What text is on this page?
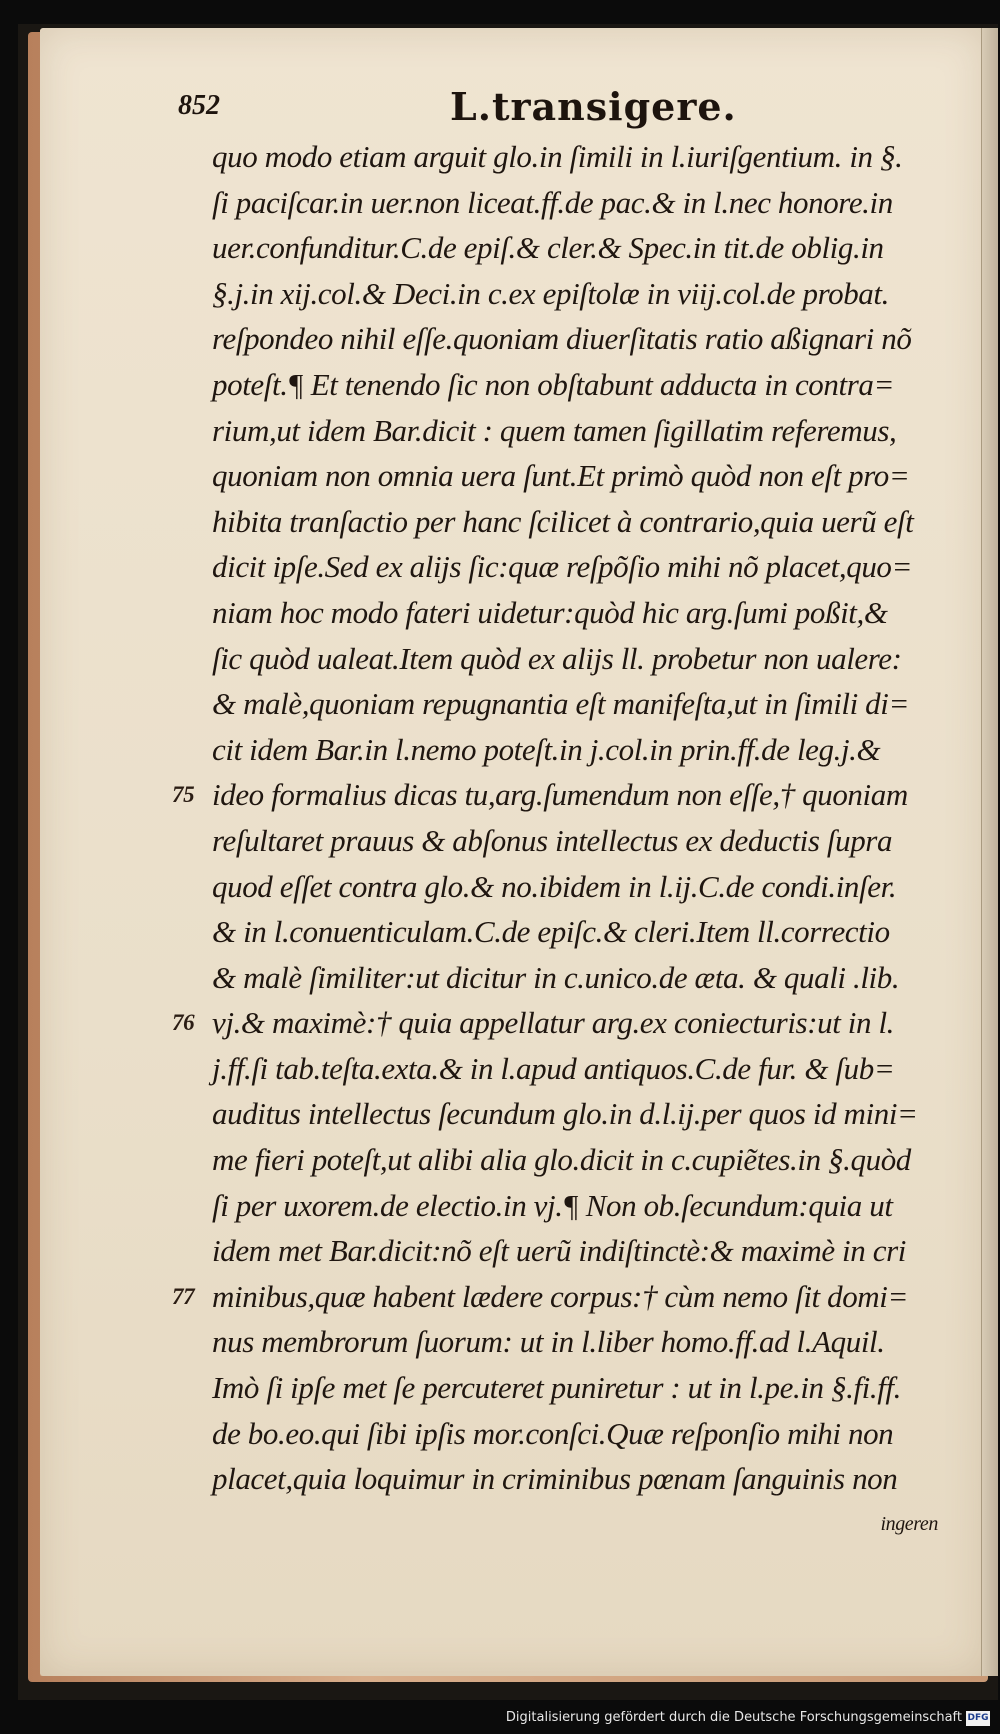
852	L.transigere.
quo modo etiam arguit glo.in ſimili in l.iuriſgentium. in §.
ſi paciſcar.in uer.non liceat.ff.de pac.& in l.nec honore.in
uer.confunditur.C.de epiſ.& cler.& Spec.in tit.de oblig.in
§.j.in xij.col.& Deci.in c.ex epiſtolæ in viij.col.de probat.
reſpondeo nihil eſſe.quoniam diuerſitatis ratio aßignari nõ
poteſt.¶ Et tenendo ſic non obſtabunt adducta in contra=
rium,ut idem Bar.dicit : quem tamen ſigillatim referemus,
quoniam non omnia uera ſunt.Et primò quòd non eſt pro=
hibita tranſactio per hanc ſcilicet à contrario,quia uerũ eſt
dicit ipſe.Sed ex alijs ſic:quæ reſpõſio mihi nõ placet,quo=
niam hoc modo fateri uidetur:quòd hic arg.ſumi poßit,&
ſic quòd ualeat.Item quòd ex alijs ll. probetur non ualere:
& malè,quoniam repugnantia eſt manifeſta,ut in ſimili di=
cit idem Bar.in l.nemo poteſt.in j.col.in prin.ff.de leg.j.&
75 ideo formalius dicas tu,arg.ſumendum non eſſe,† quoniam
reſultaret prauus & abſonus intellectus ex deductis ſupra
quod eſſet contra glo.& no.ibidem in l.ij.C.de condi.inſer.
& in l.conuenticulam.C.de epiſc.& cleri.Item ll.correctio
& malè ſimiliter:ut dicitur in c.unico.de æta. & quali .lib.
76 vj.& maximè:† quia appellatur arg.ex coniecturis:ut in l.
j.ff.ſi tab.teſta.exta.& in l.apud antiquos.C.de fur. & ſub=
auditus intellectus ſecundum glo.in d.l.ij.per quos id mini=
me fieri poteſt,ut alibi alia glo.dicit in c.cupiẽtes.in §.quòd
ſi per uxorem.de electio.in vj.¶ Non ob.ſecundum:quia ut
idem met Bar.dicit:nõ eſt uerũ indiſtinctè:& maximè in cri
77 minibus,quæ habent lædere corpus:† cùm nemo ſit domi=
nus membrorum ſuorum: ut in l.liber homo.ff.ad l.Aquil.
Imò ſi ipſe met ſe percuteret puniretur : ut in l.pe.in §.fi.ff.
de bo.eo.qui ſibi ipſis mor.conſci.Quæ reſponſio mihi non
placet,quia loquimur in criminibus pœnam ſanguinis non
ingeren
Digitalisierung gefördert durch die Deutsche Forschungsgemeinschaft DFG
